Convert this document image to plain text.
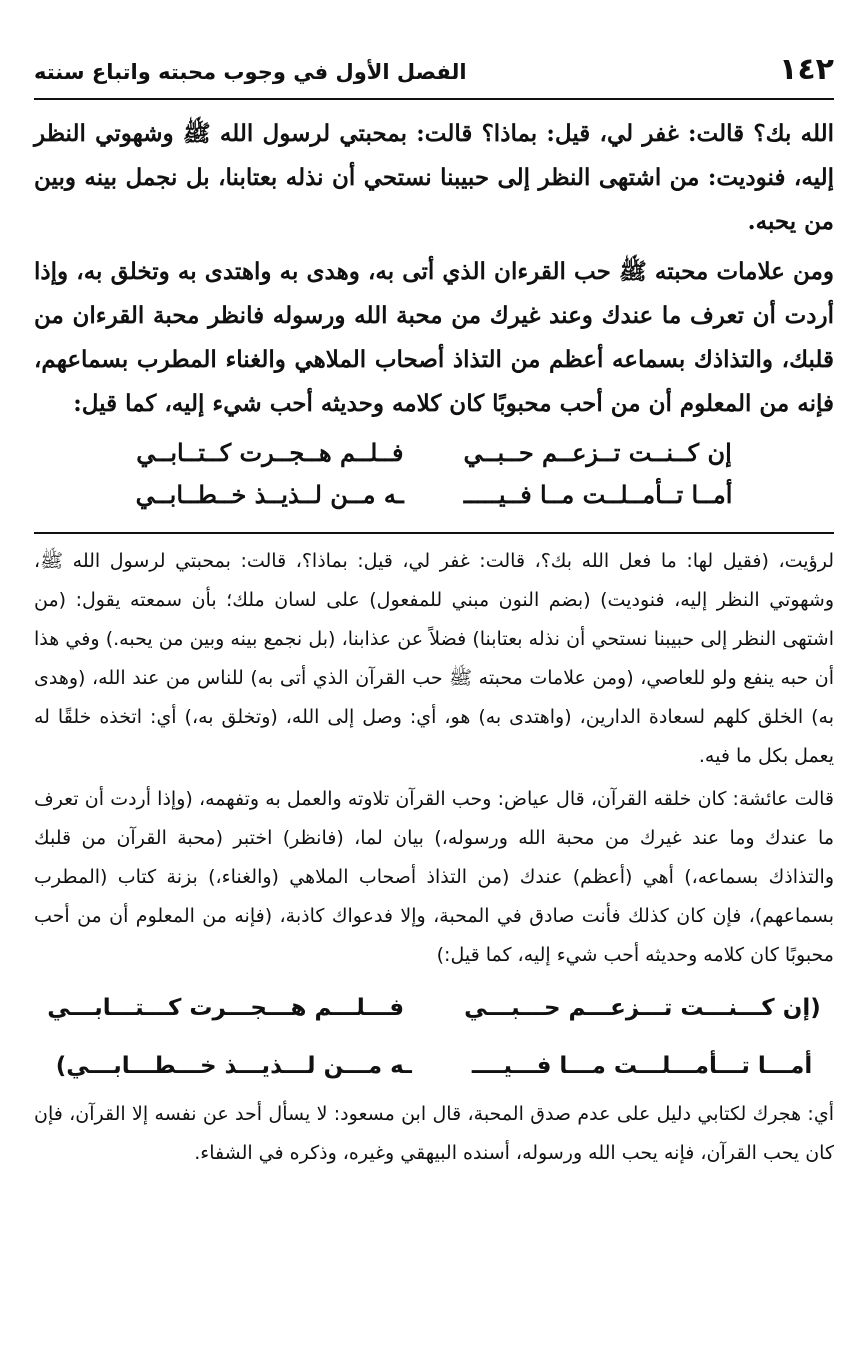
١٤٢
الفصل الأول في وجوب محبته واتباع سنته

الله بك؟ قالت: غفر لي، قيل: بماذا؟ قالت: بمحبتي لرسول الله ﷺ وشهوتي النظر إليه، فنوديت: من اشتهى النظر إلى حبيبنا نستحي أن نذله بعتابنا، بل نجمل بينه وبين من يحبه.

ومن علامات محبته ﷺ حب القرءان الذي أتى به، وهدى به واهتدى به وتخلق به، وإذا أردت أن تعرف ما عندك وعند غيرك من محبة الله ورسوله فانظر محبة القرءان من قلبك، والتذاذك بسماعه أعظم من التذاذ أصحاب الملاهي والغناء المطرب بسماعهم، فإنه من المعلوم أن من أحب محبوبًا كان كلامه وحديثه أحب شيء إليه، كما قيل:

إن كــنــت تــزعــم حــبــي
فــلــم هــجــرت كــتــابــي
أمــا تــأمــلــت مــا فــيـــــ
ـه مــن لــذيــذ خــطــابــي

لرؤيت، (فقيل لها: ما فعل الله بك؟، قالت: غفر لي، قيل: بماذا؟، قالت: بمحبتي لرسول الله ﷺ، وشهوتي النظر إليه، فنوديت) (بضم النون مبني للمفعول) على لسان ملك؛ بأن سمعته يقول: (من اشتهى النظر إلى حبيبنا نستحي أن نذله بعتابنا) فضلاً عن عذابنا، (بل نجمع بينه وبين من يحبه.) وفي هذا أن حبه ينفع ولو للعاصي، (ومن علامات محبته ﷺ حب القرآن الذي أتى به) للناس من عند الله، (وهدى به) الخلق كلهم لسعادة الدارين، (واهتدى به) هو، أي: وصل إلى الله، (وتخلق به،) أي: اتخذه خلقًا له يعمل بكل ما فيه.

قالت عائشة: كان خلقه القرآن، قال عياض: وحب القرآن تلاوته والعمل به وتفهمه، (وإذا أردت أن تعرف ما عندك وما عند غيرك من محبة الله ورسوله،) بيان لما، (فانظر) اختبر (محبة القرآن من قلبك والتذاذك بسماعه،) أهي (أعظم) عندك (من التذاذ أصحاب الملاهي (والغناء،) بزنة كتاب (المطرب بسماعهم)، فإن كان كذلك فأنت صادق في المحبة، وإلا فدعواك كاذبة، (فإنه من المعلوم أن من أحب محبوبًا كان كلامه وحديثه أحب شيء إليه، كما قيل:)

(إن كـــنـــت تـــزعـــم حـــبـــي
فـــلـــم هـــجـــرت كـــتـــابـــي
أمـــا تـــأمـــلـــت مـــا فـــيــــ
ـه مـــن لـــذيـــذ خـــطـــابـــي)

أي: هجرك لكتابي دليل على عدم صدق المحبة، قال ابن مسعود: لا يسأل أحد عن نفسه إلا القرآن، فإن كان يحب القرآن، فإنه يحب الله ورسوله، أسنده البيهقي وغيره، وذكره في الشفاء.
